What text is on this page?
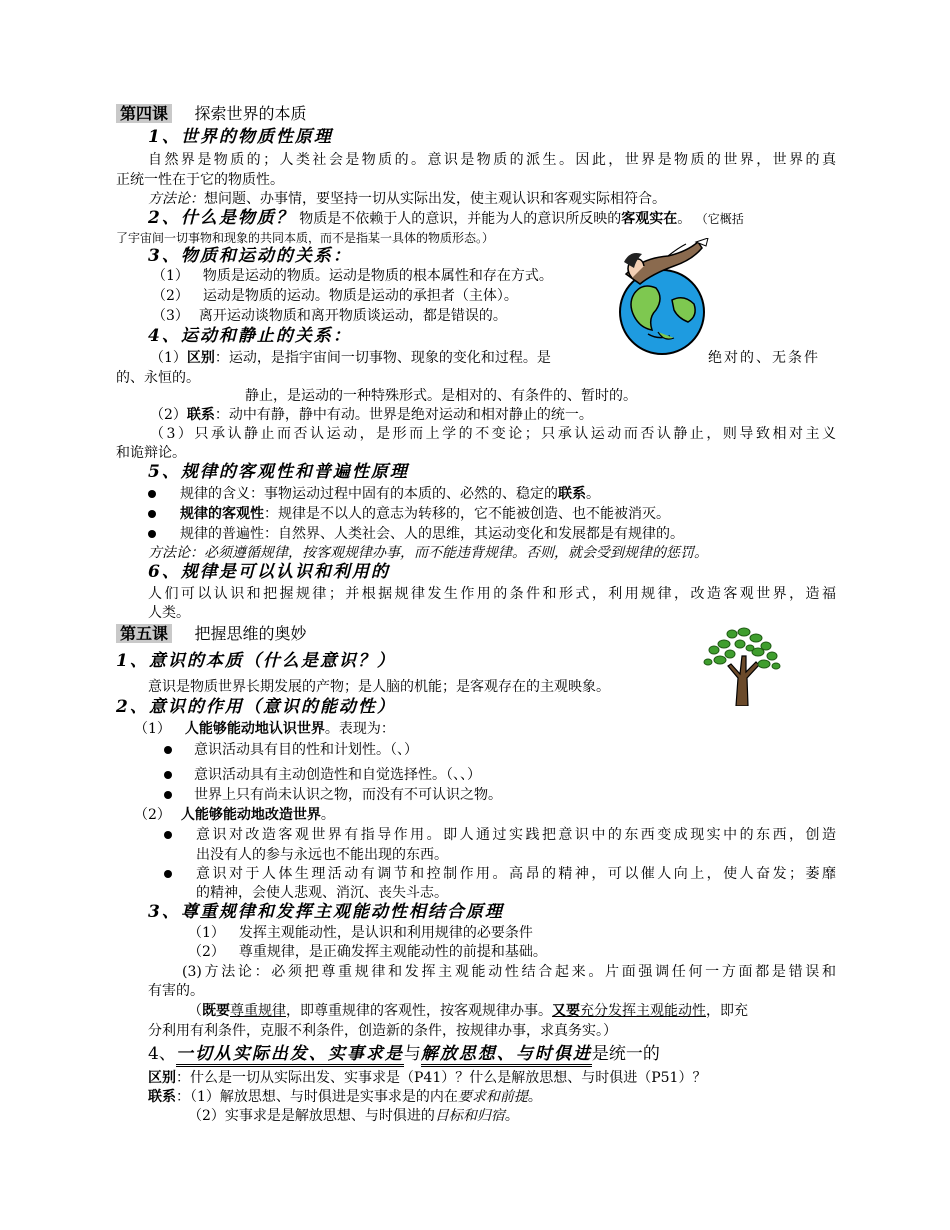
第四课 探索世界的本质
1、世界的物质性原理
自然界是物质的；人类社会是物质的。意识是物质的派生。因此，世界是物质的世界，世界的真
正统一性在于它的物质性。
方法论：想问题、办事情，要坚持一切从实际出发，使主观认识和客观实际相符合。
2、什么是物质？ 物质是不依赖于人的意识，并能为人的意识所反映的客观实在。 （它概括
了宇宙间一切事物和现象的共同本质，而不是指某一具体的物质形态。）
3、物质和运动的关系：
（1） 物质是运动的物质。运动是物质的根本属性和存在方式。
（2） 运动是物质的运动。物质是运动的承担者（主体）。
（3） 离开运动谈物质和离开物质谈运动，都是错误的。
4、运动和静止的关系：
（1）区别：运动，是指宇宙间一切事物、现象的变化和过程。是	绝对的、无条件
的、永恒的。
静止，是运动的一种特殊形式。是相对的、有条件的、暂时的。
（2）联系：动中有静，静中有动。世界是绝对运动和相对静止的统一。
（3）只承认静止而否认运动，是形而上学的不变论；只承认运动而否认静止，则导致相对主义
和诡辩论。
5、规律的客观性和普遍性原理
规律的含义：事物运动过程中固有的本质的、必然的、稳定的联系。
规律的客观性：规律是不以人的意志为转移的，它不能被创造、也不能被消灭。
规律的普遍性：自然界、人类社会、人的思维，其运动变化和发展都是有规律的。
方法论：必须遵循规律，按客观规律办事，而不能违背规律。否则，就会受到规律的惩罚。
6、规律是可以认识和利用的
人们可以认识和把握规律；并根据规律发生作用的条件和形式，利用规律，改造客观世界，造福
人类。
第五课 把握思维的奥妙
1、意识的本质（什么是意识？）
意识是物质世界长期发展的产物；是人脑的机能；是客观存在的主观映象。
2、意识的作用（意识的能动性）
（1） 人能够能动地认识世界。表现为：
意识活动具有目的性和计划性。（、）
意识活动具有主动创造性和自觉选择性。（、、）
世界上只有尚未认识之物，而没有不可认识之物。
（2） 人能够能动地改造世界。
意识对改造客观世界有指导作用。即人通过实践把意识中的东西变成现实中的东西，创造
出没有人的参与永远也不能出现的东西。
意识对于人体生理活动有调节和控制作用。高昂的精神，可以催人向上，使人奋发；萎靡
的精神，会使人悲观、消沉、丧失斗志。
3、尊重规律和发挥主观能动性相结合原理
（1） 发挥主观能动性，是认识和利用规律的必要条件
（2） 尊重规律，是正确发挥主观能动性的前提和基础。
(3)方法论：必须把尊重规律和发挥主观能动性结合起来。片面强调任何一方面都是错误和
有害的。
（既要尊重规律，即尊重规律的客观性，按客观规律办事。又要充分发挥主观能动性，即充
分利用有利条件，克服不利条件，创造新的条件，按规律办事，求真务实。）
4、一切从实际出发、实事求是与解放思想、与时俱进是统一的
区别：什么是一切从实际出发、实事求是（P41）？什么是解放思想、与时俱进（P51）？
联系：（1）解放思想、与时俱进是实事求是的内在要求和前提。
（2）实事求是是解放思想、与时俱进的目标和归宿。
